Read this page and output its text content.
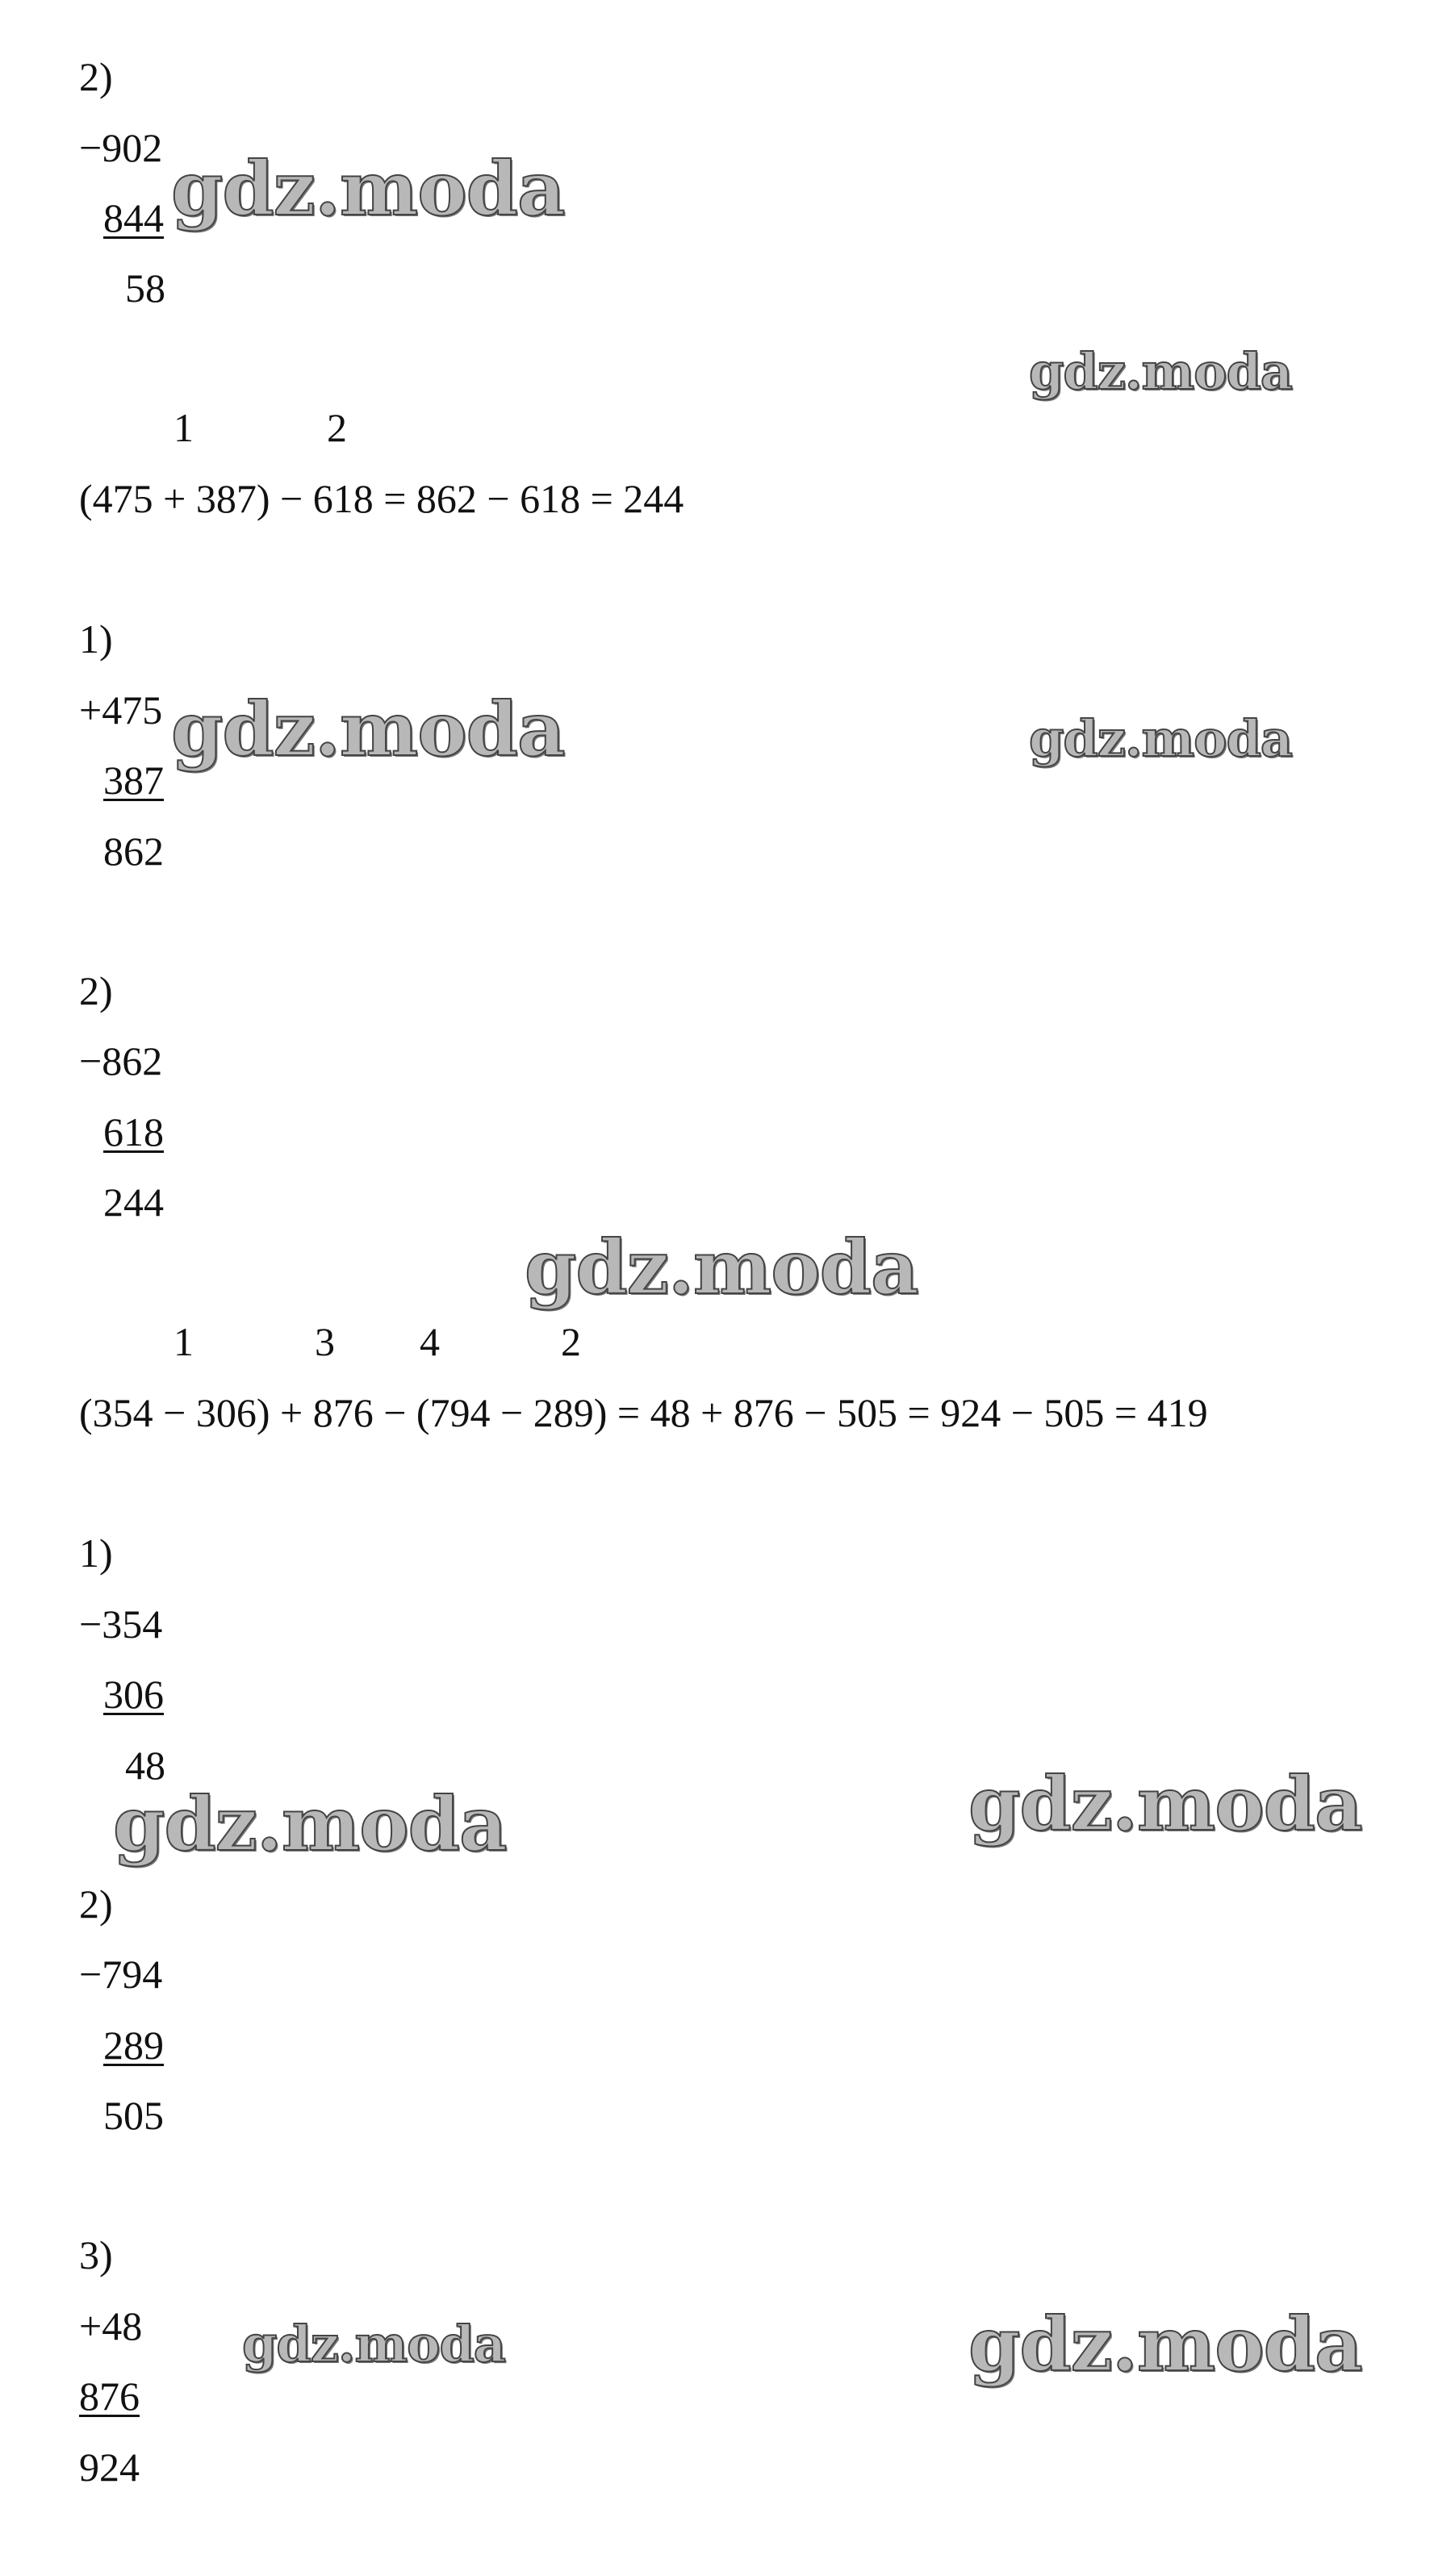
2)
−902
844
58
1	2
(475 + 387) − 618 = 862 − 618 = 244
1)
+475
387
862
2)
−862
618
244
1	3 4	2
(354 − 306) + 876 − (794 − 289) = 48 + 876 − 505 = 924 − 505 = 419
1)
−354
306
48
2)
−794
289
505
3)
+48
876
924
gdz.moda
gdz.moda
gdz.moda	gdz.moda
gdz.moda
gdz.moda	gdz.moda
gdz.moda	gdz.moda
